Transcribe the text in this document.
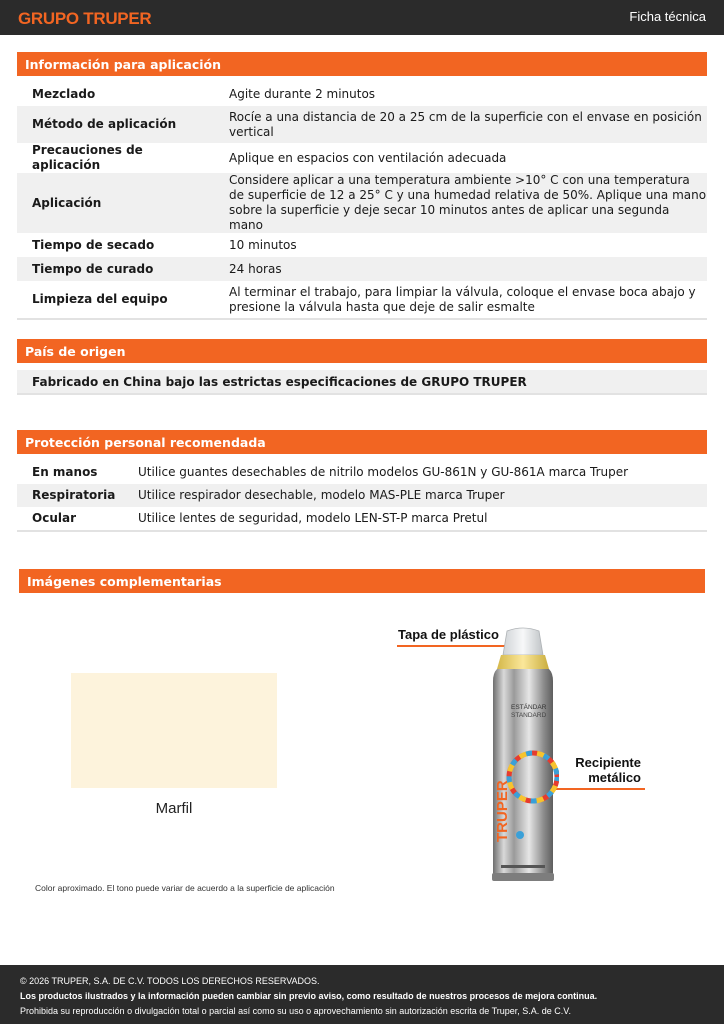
GRUPO TRUPER	Ficha técnica
Información para aplicación
Mezclado	Agite durante 2 minutos
Método de aplicación	Rocíe a una distancia de 20 a 25 cm de la superficie con el envase en posición vertical
Precauciones de aplicación	Aplique en espacios con ventilación adecuada
Aplicación	Considere aplicar a una temperatura ambiente >10° C con una temperatura de superficie de 12 a 25° C y una humedad relativa de 50%. Aplique una mano sobre la superficie y deje secar 10 minutos antes de aplicar una segunda mano
Tiempo de secado	10 minutos
Tiempo de curado	24 horas
Limpieza del equipo	Al terminar el trabajo, para limpiar la válvula, coloque el envase boca abajo y presione la válvula hasta que deje de salir esmalte
País de origen
Fabricado en China bajo las estrictas especificaciones de GRUPO TRUPER
Protección personal recomendada
En manos	Utilice guantes desechables de nitrilo modelos GU-861N y GU-861A marca Truper
Respiratoria	Utilice respirador desechable, modelo MAS-PLE marca Truper
Ocular	Utilice lentes de seguridad, modelo LEN-ST-P marca Pretul
Imágenes complementarias
Marfil
Color aproximado. El tono puede variar de acuerdo a la superficie de aplicación
Tapa de plástico
Recipiente
metálico
TRUPER
ESTÁNDAR
STANDARD
© 2026 TRUPER, S.A. DE C.V. TODOS LOS DERECHOS RESERVADOS.
Los productos ilustrados y la información pueden cambiar sin previo aviso, como resultado de nuestros procesos de mejora continua.
Prohibida su reproducción o divulgación total o parcial así como su uso o aprovechamiento sin autorización escrita de Truper, S.A. de C.V.
